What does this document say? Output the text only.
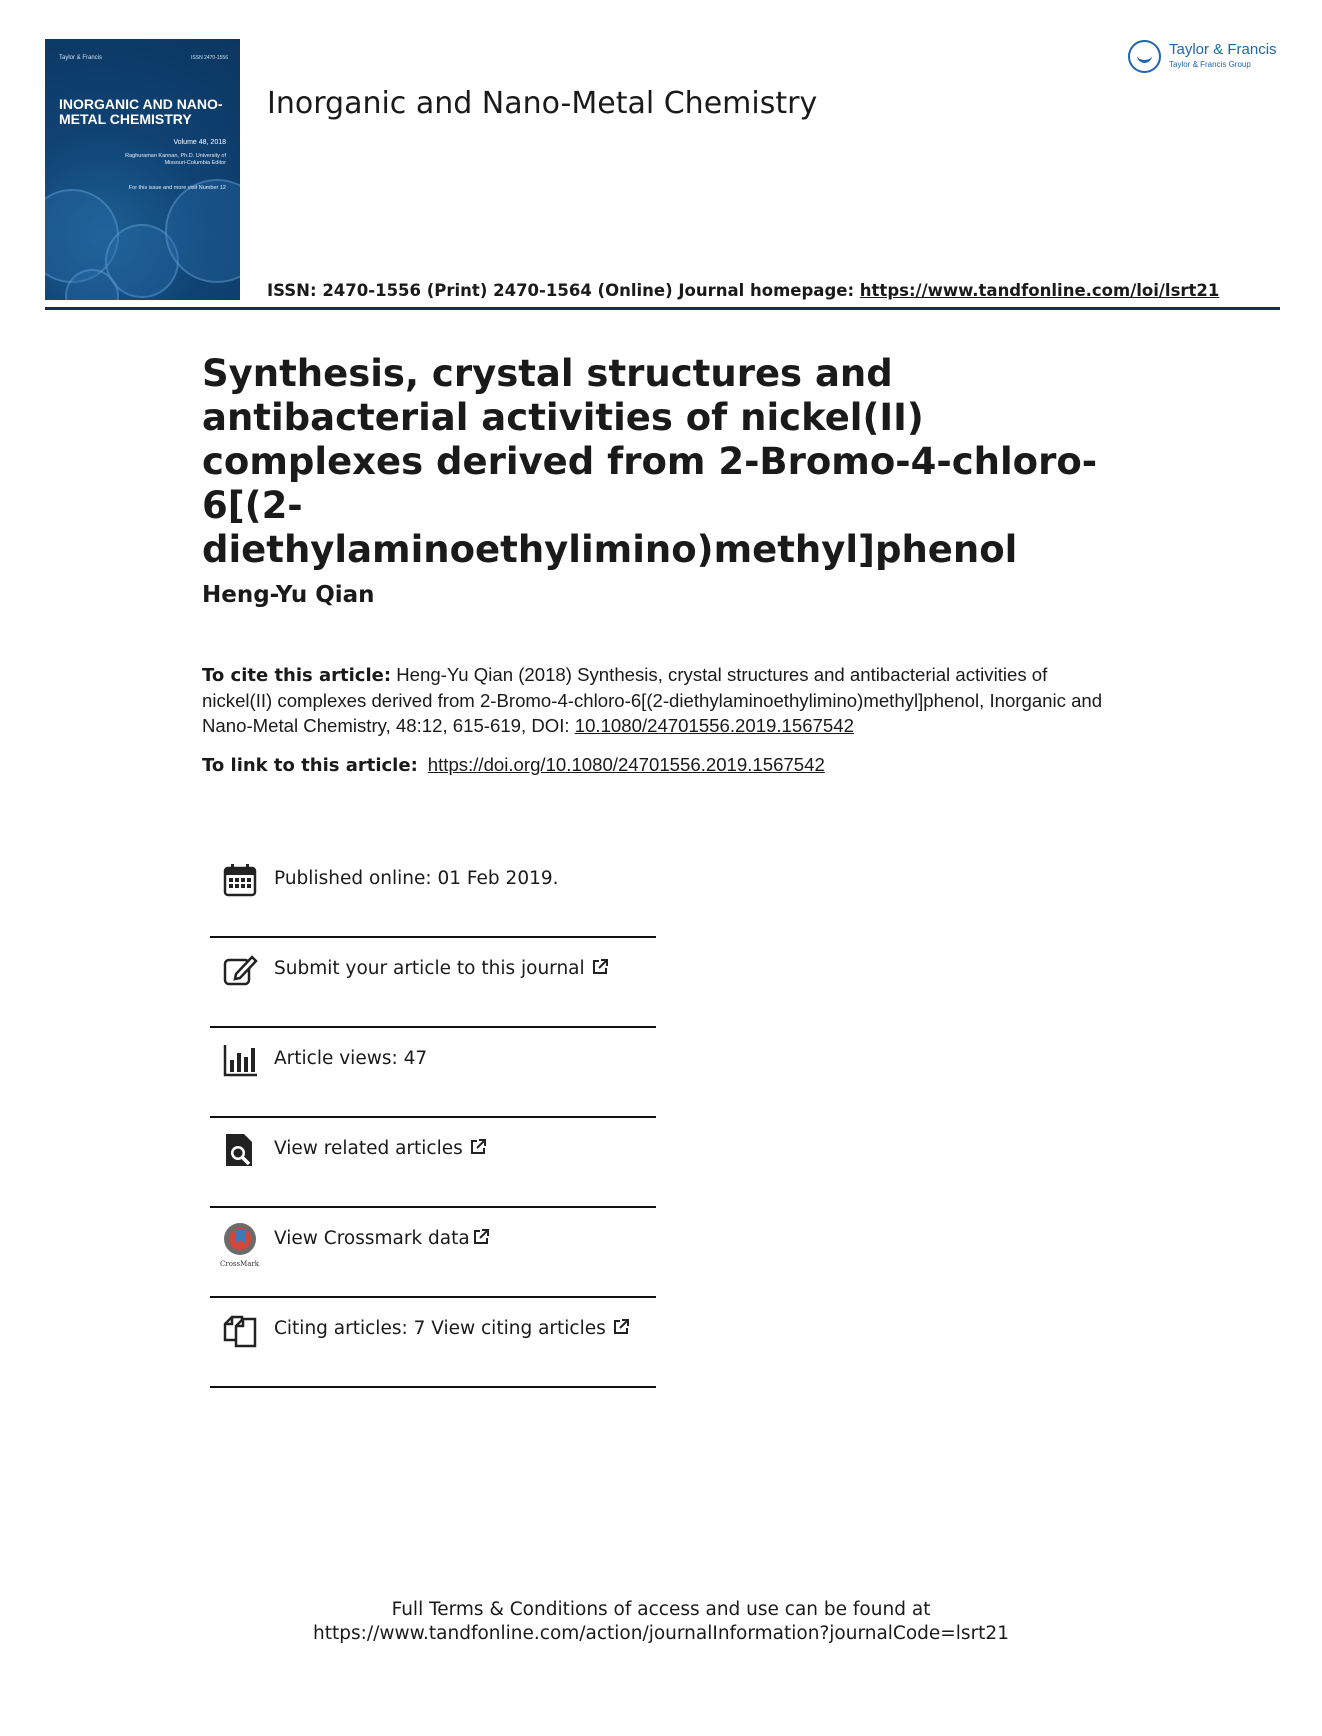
Taylor & Francis	ISSN 2470-1556
INORGANIC AND NANO-METAL CHEMISTRY
Volume 48, 2018
Raghuraman Kannan, Ph.D. University of Missouri-Columbia Editor
For this issue and more visit Number 12
Inorganic and Nano-Metal Chemistry
Taylor & Francis
Taylor & Francis Group
ISSN: 2470-1556 (Print) 2470-1564 (Online) Journal homepage: https://www.tandfonline.com/loi/lsrt21
Synthesis, crystal structures and antibacterial activities of nickel(II) complexes derived from 2-Bromo-4-chloro-6[(2-diethylaminoethylimino)methyl]phenol
Heng-Yu Qian
To cite this article: Heng-Yu Qian (2018) Synthesis, crystal structures and antibacterial activities of nickel(II) complexes derived from 2-Bromo-4-chloro-6[(2-diethylaminoethylimino)methyl]phenol, Inorganic and Nano-Metal Chemistry, 48:12, 615-619, DOI: 10.1080/24701556.2019.1567542
To link to this article: https://doi.org/10.1080/24701556.2019.1567542
Published online: 01 Feb 2019.
Submit your article to this journal
Article views: 47
View related articles
CrossMark
View Crossmark data
Citing articles: 7 View citing articles
Full Terms & Conditions of access and use can be found at
https://www.tandfonline.com/action/journalInformation?journalCode=lsrt21
